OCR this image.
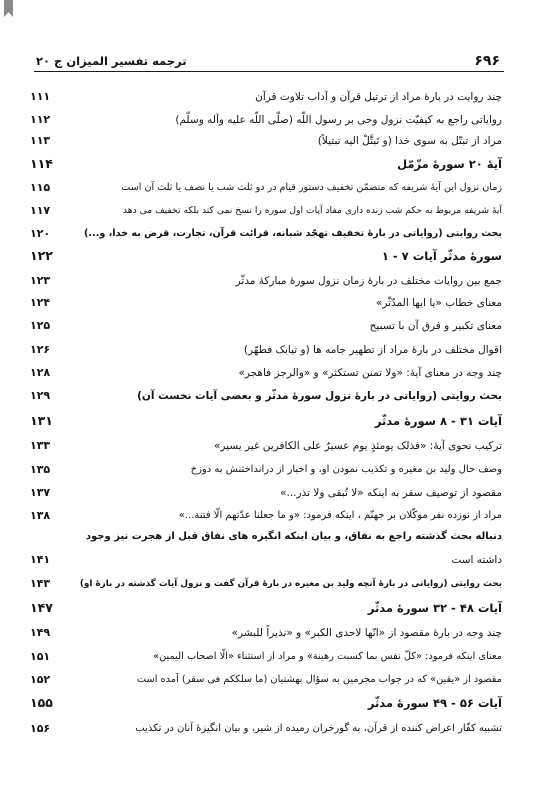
۶۹۶
ترجمه تفسیر المیزان ج ۲۰
چند روایت در بارهٔ مراد از ترتیل قرآن و آداب تلاوت قرآن
۱۱۱
روایاتی راجع به کیفیّت نزول وحی بر رسول اللّه (صلّی اللّه علیه وآله وسلّم)
۱۱۲
مراد از تبتّل به سوی خدا (و تَبتَّلْ الیه تبتیلاً)
۱۱۳
آیهٔ ۲۰ سورهٔ مزّمّل
۱۱۴
زمان نزول این آیهٔ شریفه که متضمّن تخفیف دستور قیام در دو ثلث شب یا نصف یا ثلث آن است
۱۱۵
آیهٔ شریفه مربوط به حکم شب زنده داری مفاد آیات اول سوره را نسخ نمی کند بلکه تخفیف می دهد
۱۱۷
بحث روایتی (روایاتی در بارهٔ تخفیف تهجّد شبانه، قرائت قرآن، تجارت، قرض به خدا، و...)
۱۲۰
سورهٔ مدثّر آیات ۷ - ۱
۱۲۲
جمع بین روایات مختلف در بارهٔ زمان نزول سورهٔ مبارکهٔ مدثّر
۱۲۳
معنای خطاب «یا ایها المدّثّر»
۱۲۴
معنای تکبیر و فرق آن با تسبیح
۱۲۵
اقوال مختلف در بارهٔ مراد از تطهیر جامه ها (و ثیابک فطهّر)
۱۲۶
چند وجه در معنای آیهٔ: «ولا تمنن تستکثر» و «والرجز فاهجر»
۱۲۸
بحث روایتی (روایاتی در بارهٔ نزول سورهٔ مدثّر و بعضی آیات نخست آن)
۱۲۹
آیات ۳۱ - ۸ سورهٔ مدثّر
۱۳۱
ترکیب نحوی آیهٔ: «فذلک یومئذٍ یوم عسیرٌ علی الکافرین غیر یسیر»
۱۳۳
وصف حال ولید بن مغیره و تکذیب نمودن او، و اخبار از درانداختنش به دوزخ
۱۳۵
مقصود از توصیف سقر به اینکه «لا تُبقی ولا تذر...»
۱۳۷
مراد از نوزده نفر موکّلان بر جهنّم ، اینکه فرمود: «و ما جعلنا عدّتهم الّا فتنة...»
۱۳۸
دنباله بحث گذشته راجع به نفاق، و بیان اینکه انگیزه های نفاق قبل از هجرت نیز وجود
داشته است
۱۴۱
بحث روایتی (روایاتی در بارهٔ آنچه ولید بن مغیره در بارهٔ قرآن گفت و نزول آیات گذشته در بارهٔ او)
۱۴۳
آیات ۴۸ - ۳۲ سورهٔ مدثّر
۱۴۷
چند وجه در بارهٔ مقصود از «انّها لاحدی الکبر» و «نذیراً للبشر»
۱۴۹
معنای اینکه فرمود: «کلّ نفس بما کسبت رهینة» و مراد از استثناء «الّا اصحاب الیمین»
۱۵۱
مقصود از «یقین» که در جواب مجرمین به سؤال بهشتیان (ما سلککم فی سقر) آمده است
۱۵۲
آیات ۵۶ - ۴۹ سورهٔ مدثّر
۱۵۵
تشبیه کفّار اعراض کننده از قرآن، به گورخران رمیده از شیر، و بیان انگیزهٔ آنان در تکذیب
۱۵۶
